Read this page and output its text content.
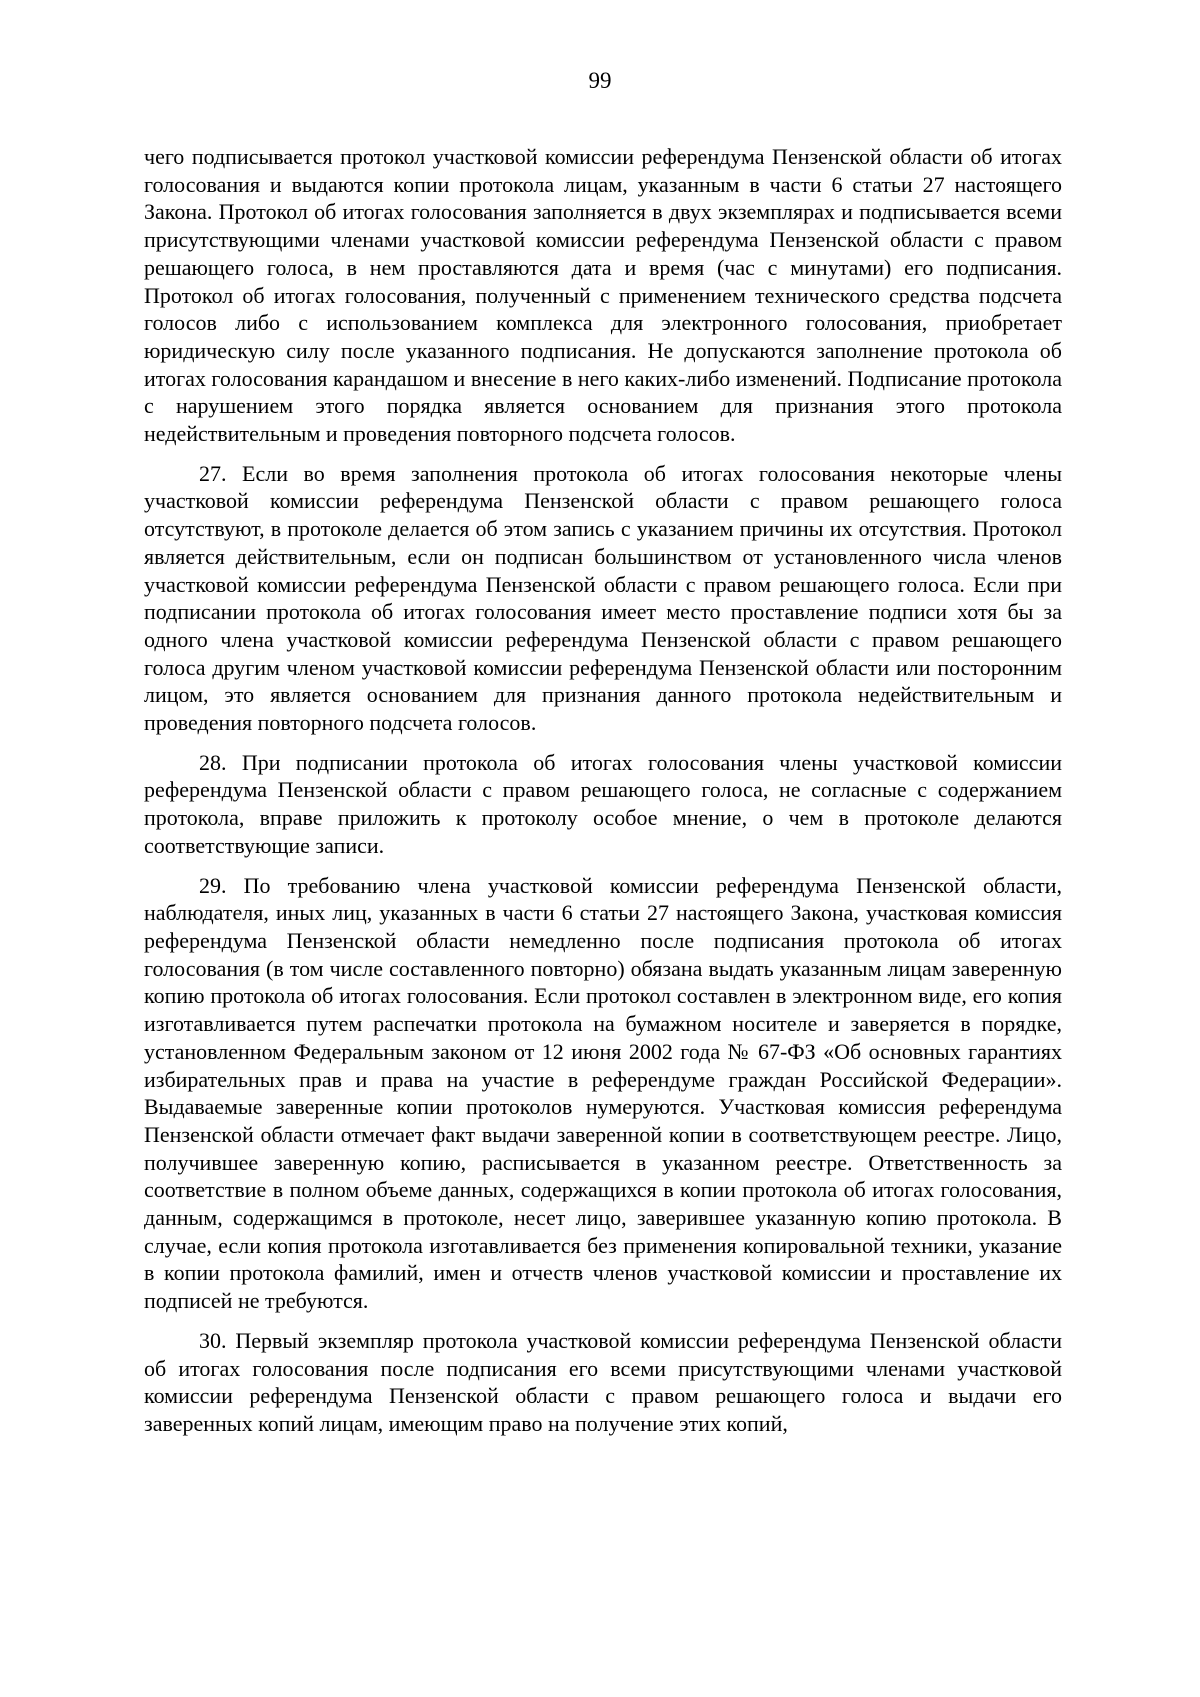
99

чего подписывается протокол участковой комиссии референдума Пензенской области об итогах голосования и выдаются копии протокола лицам, указанным в части 6 статьи 27 настоящего Закона. Протокол об итогах голосования заполняется в двух экземплярах и подписывается всеми присутствующими членами участковой комиссии референдума Пензенской области с правом решающего голоса, в нем проставляются дата и время (час с минутами) его подписания. Протокол об итогах голосования, полученный с применением технического средства подсчета голосов либо с использованием комплекса для электронного голосования, приобретает юридическую силу после указанного подписания. Не допускаются заполнение протокола об итогах голосования карандашом и внесение в него каких-либо изменений. Подписание протокола с нарушением этого порядка является основанием для признания этого протокола недействительным и проведения повторного подсчета голосов.

27. Если во время заполнения протокола об итогах голосования некоторые члены участковой комиссии референдума Пензенской области с правом решающего голоса отсутствуют, в протоколе делается об этом запись с указанием причины их отсутствия. Протокол является действительным, если он подписан большинством от установленного числа членов участковой комиссии референдума Пензенской области с правом решающего голоса. Если при подписании протокола об итогах голосования имеет место проставление подписи хотя бы за одного члена участковой комиссии референдума Пензенской области с правом решающего голоса другим членом участковой комиссии референдума Пензенской области или посторонним лицом, это является основанием для признания данного протокола недействительным и проведения повторного подсчета голосов.

28. При подписании протокола об итогах голосования члены участковой комиссии референдума Пензенской области с правом решающего голоса, не согласные с содержанием протокола, вправе приложить к протоколу особое мнение, о чем в протоколе делаются соответствующие записи.

29. По требованию члена участковой комиссии референдума Пензенской области, наблюдателя, иных лиц, указанных в части 6 статьи 27 настоящего Закона, участковая комиссия референдума Пензенской области немедленно после подписания протокола об итогах голосования (в том числе составленного повторно) обязана выдать указанным лицам заверенную копию протокола об итогах голосования. Если протокол составлен в электронном виде, его копия изготавливается путем распечатки протокола на бумажном носителе и заверяется в порядке, установленном Федеральным законом от 12 июня 2002 года № 67-ФЗ «Об основных гарантиях избирательных прав и права на участие в референдуме граждан Российской Федерации». Выдаваемые заверенные копии протоколов нумеруются. Участковая комиссия референдума Пензенской области отмечает факт выдачи заверенной копии в соответствующем реестре. Лицо, получившее заверенную копию, расписывается в указанном реестре. Ответственность за соответствие в полном объеме данных, содержащихся в копии протокола об итогах голосования, данным, содержащимся в протоколе, несет лицо, заверившее указанную копию протокола. В случае, если копия протокола изготавливается без применения копировальной техники, указание в копии протокола фамилий, имен и отчеств членов участковой комиссии и проставление их подписей не требуются.

30. Первый экземпляр протокола участковой комиссии референдума Пензенской области об итогах голосования после подписания его всеми присутствующими членами участковой комиссии референдума Пензенской области с правом решающего голоса и выдачи его заверенных копий лицам, имеющим право на получение этих копий,
